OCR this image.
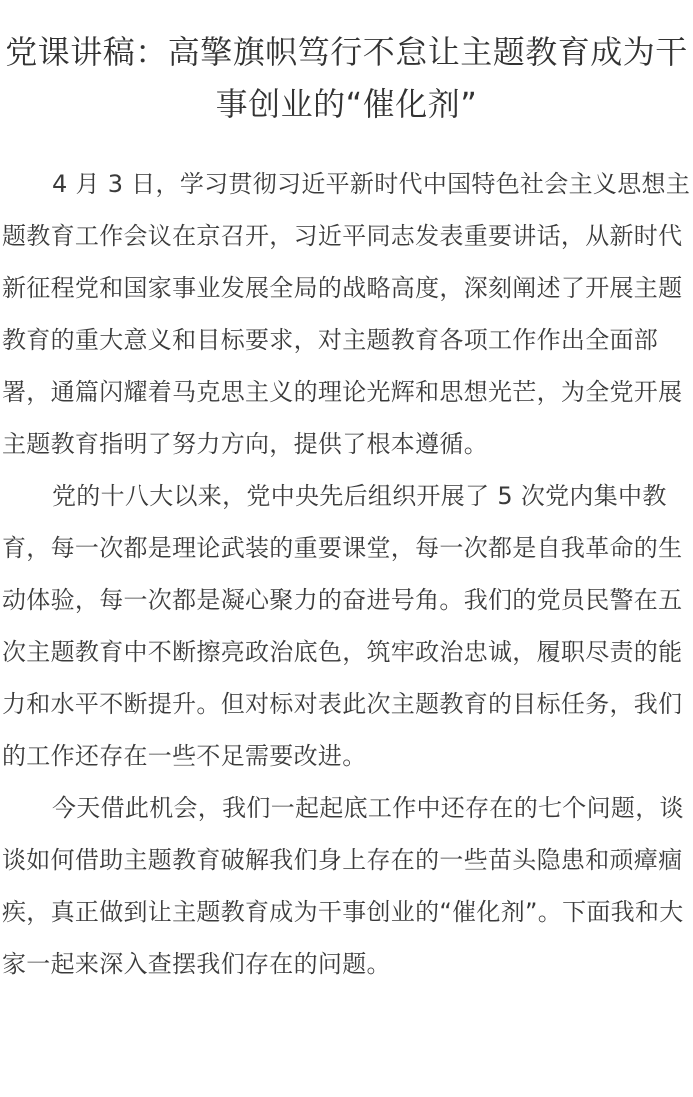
党课讲稿：高擎旗帜笃行不怠让主题教育成为干事创业的“催化剂”

4 月 3 日，学习贯彻习近平新时代中国特色社会主义思想主题教育工作会议在京召开，习近平同志发表重要讲话，从新时代新征程党和国家事业发展全局的战略高度，深刻阐述了开展主题教育的重大意义和目标要求，对主题教育各项工作作出全面部署，通篇闪耀着马克思主义的理论光辉和思想光芒，为全党开展主题教育指明了努力方向，提供了根本遵循。

党的十八大以来，党中央先后组织开展了 5 次党内集中教育，每一次都是理论武装的重要课堂，每一次都是自我革命的生动体验，每一次都是凝心聚力的奋进号角。我们的党员民警在五次主题教育中不断擦亮政治底色，筑牢政治忠诚，履职尽责的能力和水平不断提升。但对标对表此次主题教育的目标任务，我们的工作还存在一些不足需要改进。

今天借此机会，我们一起起底工作中还存在的七个问题，谈谈如何借助主题教育破解我们身上存在的一些苗头隐患和顽瘴痼疾，真正做到让主题教育成为干事创业的“催化剂”。下面我和大家一起来深入查摆我们存在的问题。
